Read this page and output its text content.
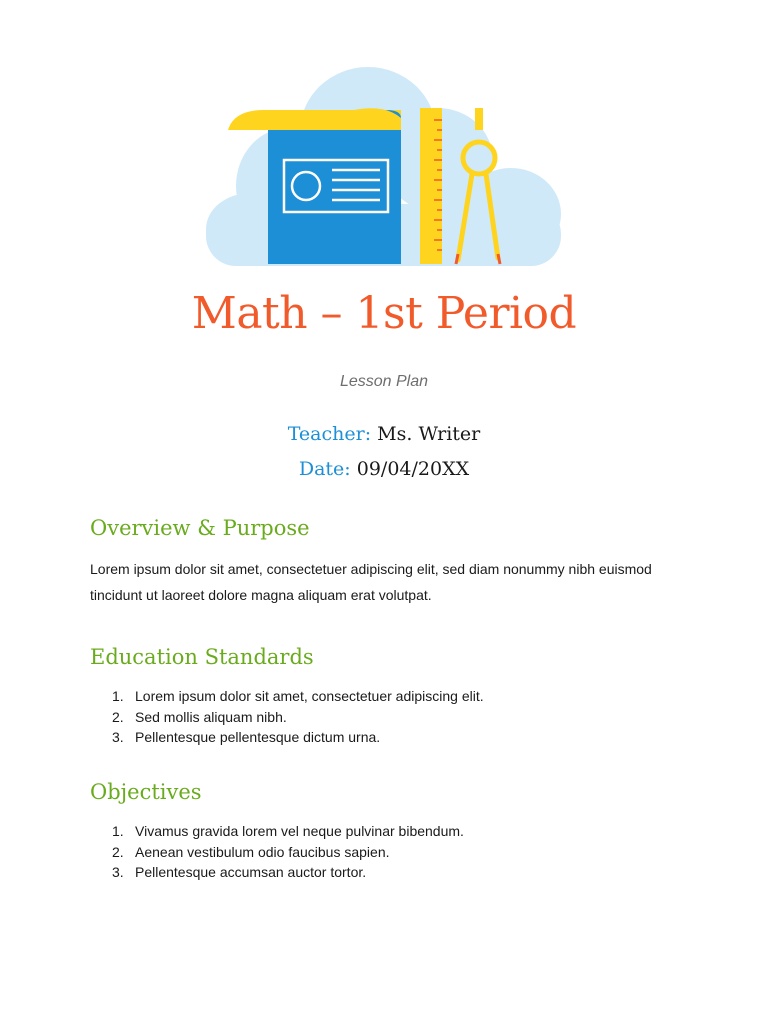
Math – 1st Period
Lesson Plan
Teacher: Ms. Writer
Date: 09/04/20XX
Overview & Purpose
Lorem ipsum dolor sit amet, consectetuer adipiscing elit, sed diam nonummy nibh euismod tincidunt ut laoreet dolore magna aliquam erat volutpat.
Education Standards
1. Lorem ipsum dolor sit amet, consectetuer adipiscing elit.
2. Sed mollis aliquam nibh.
3. Pellentesque pellentesque dictum urna.
Objectives
1. Vivamus gravida lorem vel neque pulvinar bibendum.
2. Aenean vestibulum odio faucibus sapien.
3. Pellentesque accumsan auctor tortor.
